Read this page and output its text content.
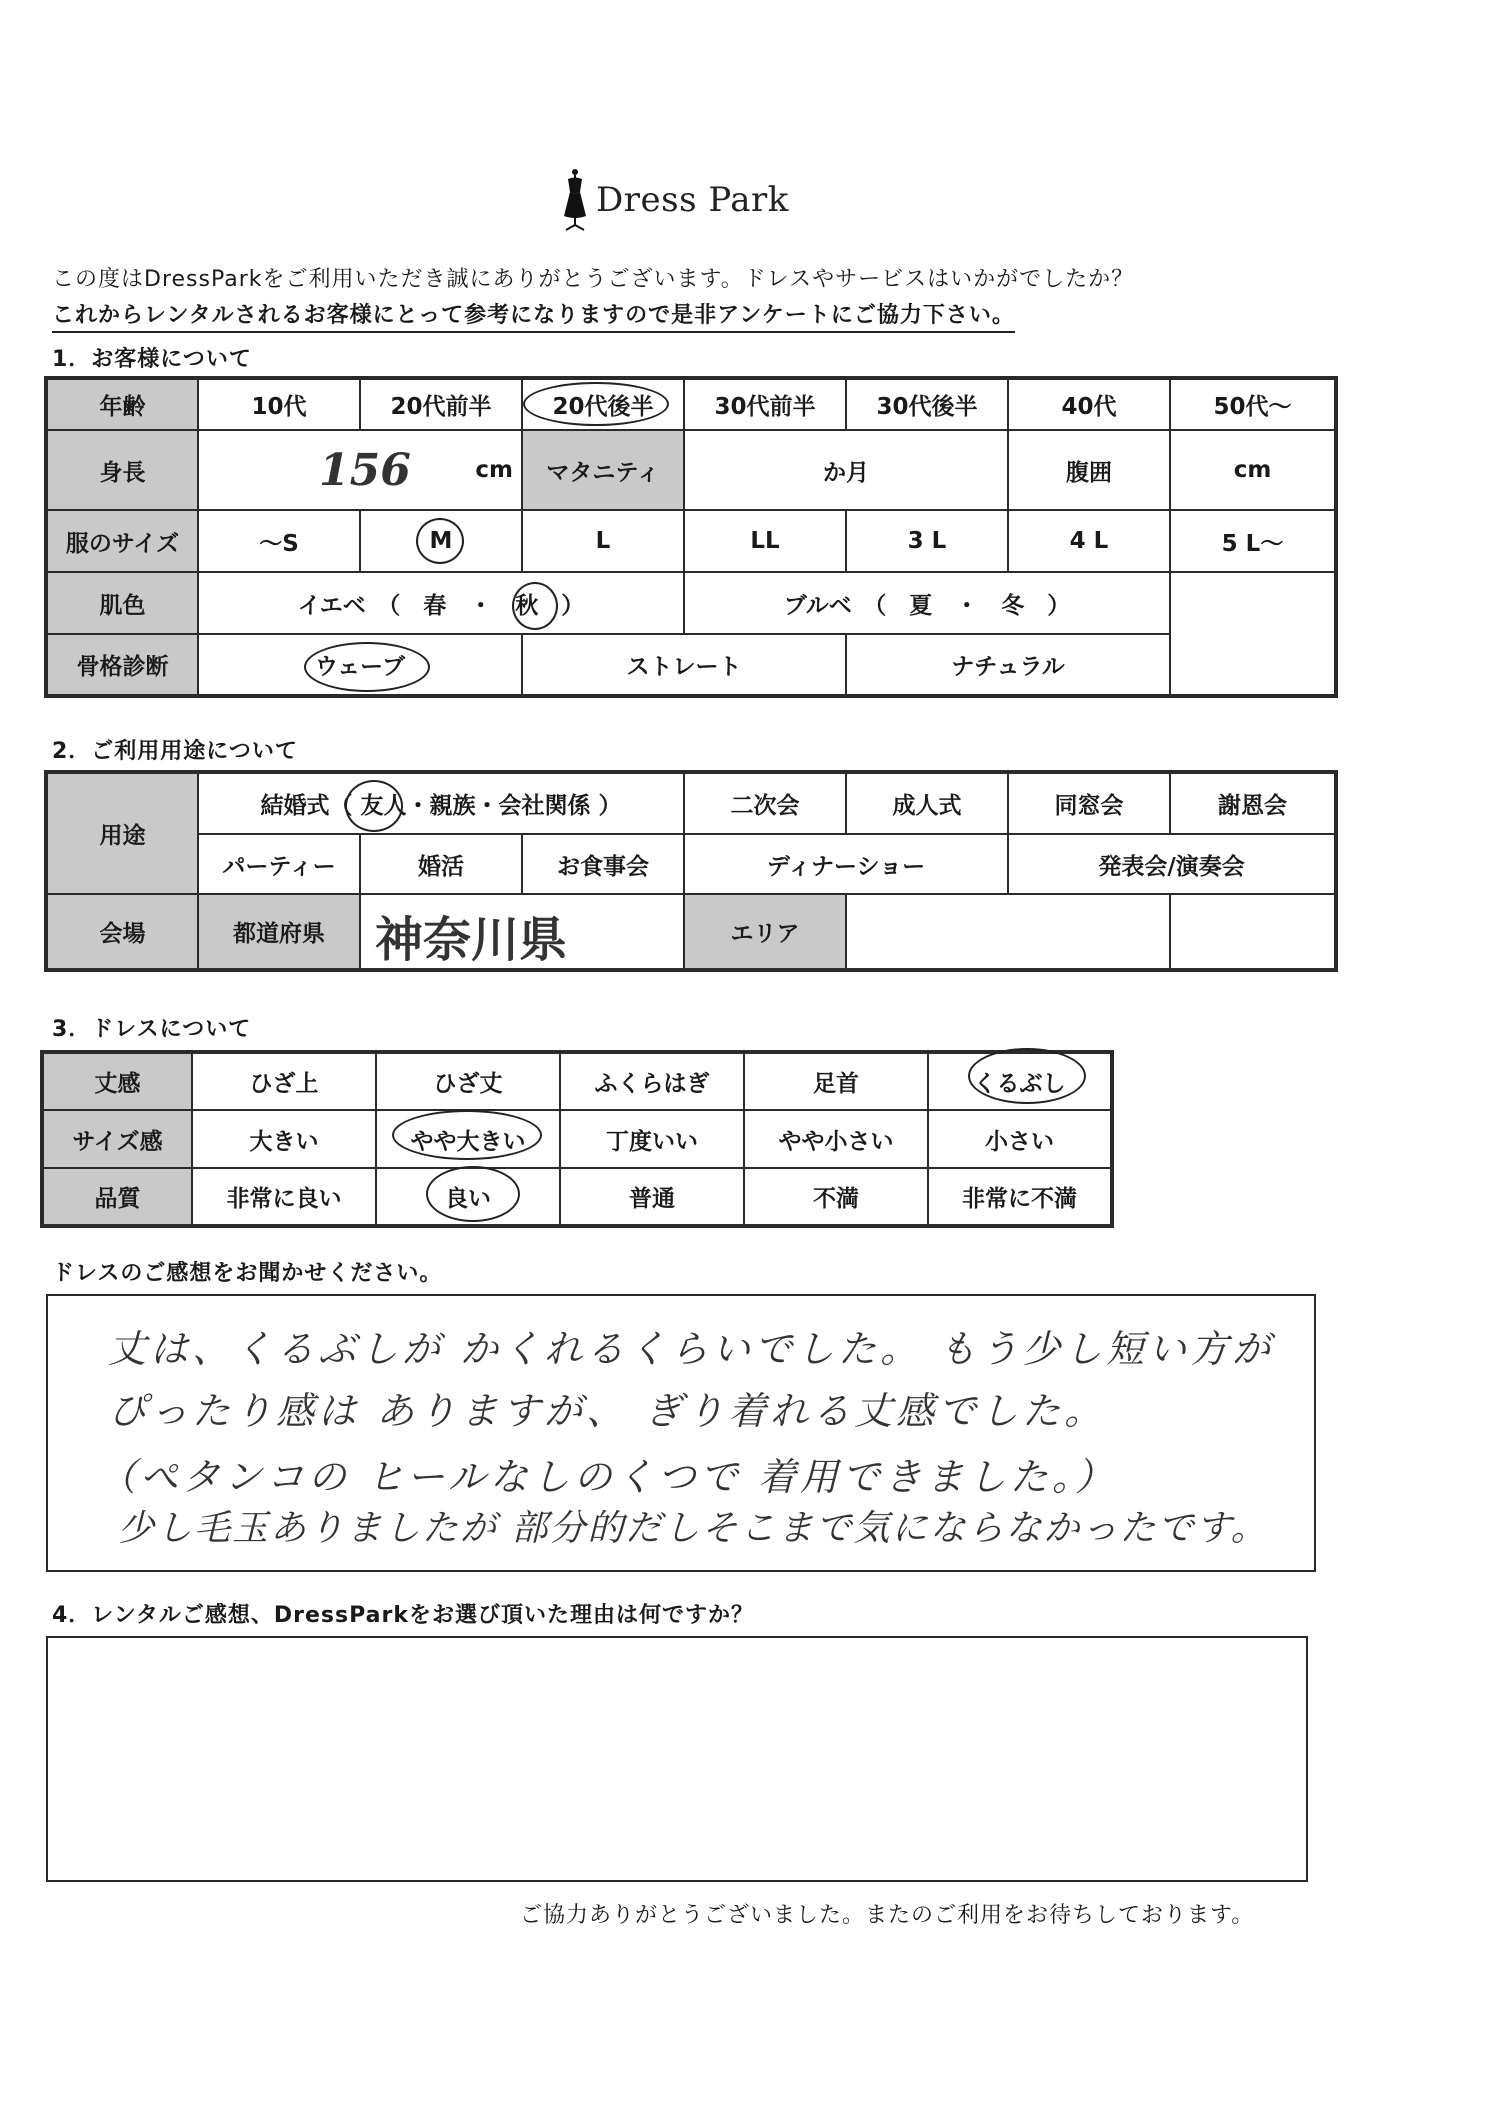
Dress Park
この度はDressParkをご利用いただき誠にありがとうございます。ドレスやサービスはいかがでしたか？
これからレンタルされるお客様にとって参考になりますので是非アンケートにご協力下さい。
1．お客様について
年齢	10代	20代前半	20代後半	30代前半	30代後半	40代	50代～
身長	156 cm		マタニティ	か月		腹囲	cm
服のサイズ	～S	M	L	LL	3 L	4 L	5 L～
肌色	イエベ　（　春　・　秋　）			ブルベ　（　夏　・　冬　）			
骨格診断	ウェーブ		ストレート		ナチュラル		
2．ご利用用途について
用途	結婚式（ 友人・親族・会社関係 ）			二次会	成人式	同窓会	謝恩会
	パーティー	婚活	お食事会	ディナーショー		発表会/演奏会	
会場	都道府県	神奈川県		エリア			
3．ドレスについて
丈感	ひざ上	ひざ丈	ふくらはぎ	足首	くるぶし
サイズ感	大きい	やや大きい	丁度いい	やや小さい	小さい
品質	非常に良い	良い	普通	不満	非常に不満
ドレスのご感想をお聞かせください。
丈は、くるぶしが かくれるくらいでした。 もう少し短い方が
ぴったり感は ありますが、 ぎり着れる丈感でした。
（ぺタンコの ヒールなしのくつで 着用できました。）
少し毛玉ありましたが 部分的だしそこまで気にならなかったです。
4．レンタルご感想、DressParkをお選び頂いた理由は何ですか？
ご協力ありがとうございました。またのご利用をお待ちしております。
